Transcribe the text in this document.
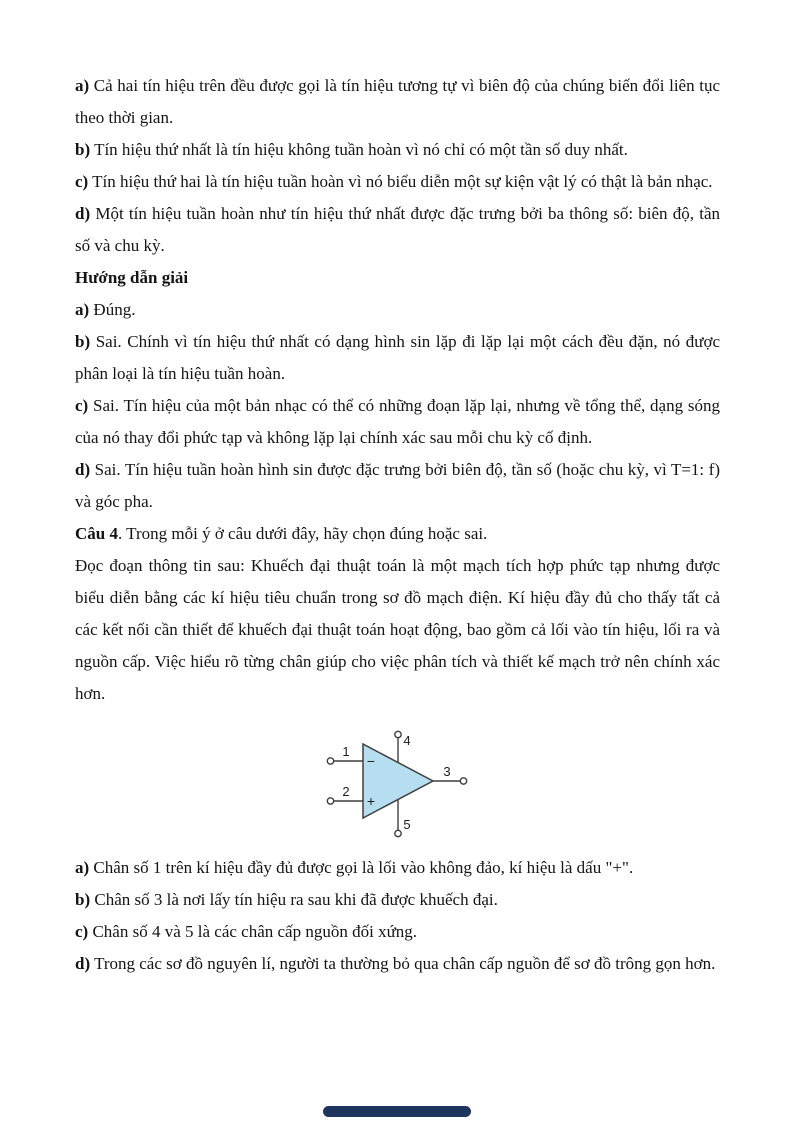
a) Cả hai tín hiệu trên đều được gọi là tín hiệu tương tự vì biên độ của chúng biến đổi liên tục theo thời gian.

b) Tín hiệu thứ nhất là tín hiệu không tuần hoàn vì nó chỉ có một tần số duy nhất.

c) Tín hiệu thứ hai là tín hiệu tuần hoàn vì nó biểu diễn một sự kiện vật lý có thật là bản nhạc.

d) Một tín hiệu tuần hoàn như tín hiệu thứ nhất được đặc trưng bởi ba thông số: biên độ, tần số và chu kỳ.

Hướng dẫn giải

a) Đúng.

b) Sai. Chính vì tín hiệu thứ nhất có dạng hình sin lặp đi lặp lại một cách đều đặn, nó được phân loại là tín hiệu tuần hoàn.

c) Sai. Tín hiệu của một bản nhạc có thể có những đoạn lặp lại, nhưng về tổng thể, dạng sóng của nó thay đổi phức tạp và không lặp lại chính xác sau mỗi chu kỳ cố định.

d) Sai. Tín hiệu tuần hoàn hình sin được đặc trưng bởi biên độ, tần số (hoặc chu kỳ, vì T=1: f) và góc pha.

Câu 4. Trong mỗi ý ở câu dưới đây, hãy chọn đúng hoặc sai.

Đọc đoạn thông tin sau: Khuếch đại thuật toán là một mạch tích hợp phức tạp nhưng được biểu diễn bằng các kí hiệu tiêu chuẩn trong sơ đồ mạch điện. Kí hiệu đầy đủ cho thấy tất cả các kết nối cần thiết để khuếch đại thuật toán hoạt động, bao gồm cả lối vào tín hiệu, lối ra và nguồn cấp. Việc hiểu rõ từng chân giúp cho việc phân tích và thiết kế mạch trở nên chính xác hơn.

1
2
3
4
5
−
+

a) Chân số 1 trên kí hiệu đầy đủ được gọi là lối vào không đảo, kí hiệu là dấu "+".

b) Chân số 3 là nơi lấy tín hiệu ra sau khi đã được khuếch đại.

c) Chân số 4 và 5 là các chân cấp nguồn đối xứng.

d) Trong các sơ đồ nguyên lí, người ta thường bỏ qua chân cấp nguồn để sơ đồ trông gọn hơn.
